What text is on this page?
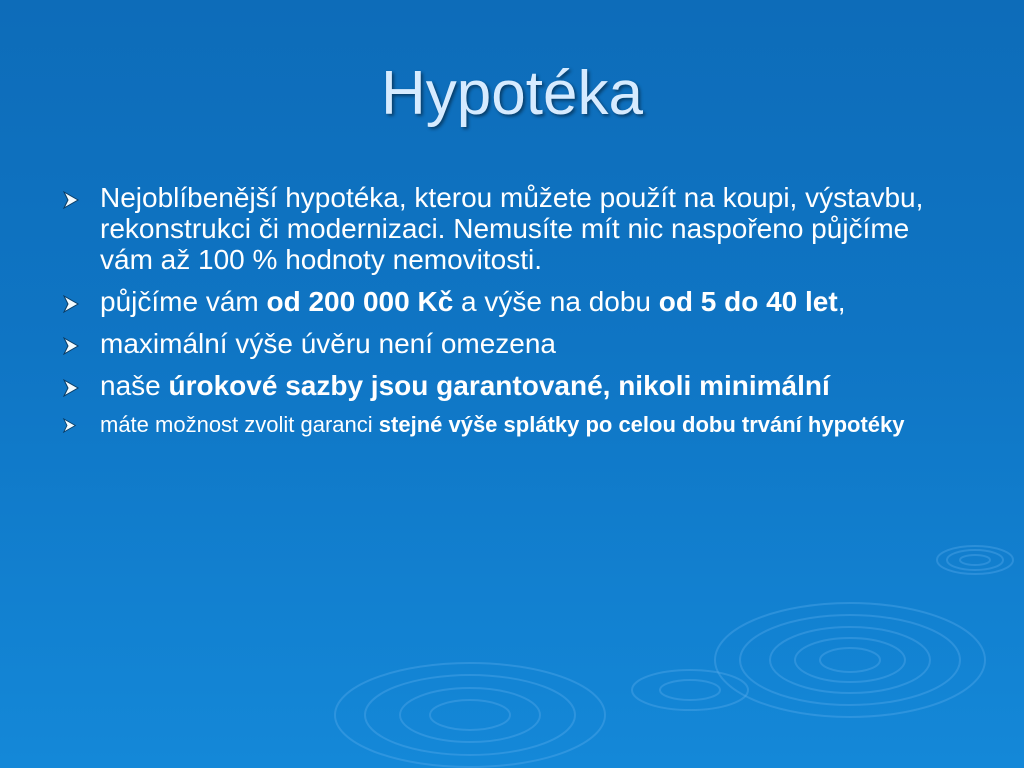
Hypotéka
Nejoblíbenější hypotéka, kterou můžete použít na koupi, výstavbu, rekonstrukci či modernizaci. Nemusíte mít nic naspořeno půjčíme vám až 100 % hodnoty nemovitosti.
půjčíme vám od 200 000 Kč a výše na dobu od 5 do 40 let,
maximální výše úvěru není omezena
naše úrokové sazby jsou garantované, nikoli minimální
máte možnost zvolit garanci stejné výše splátky po celou dobu trvání hypotéky
